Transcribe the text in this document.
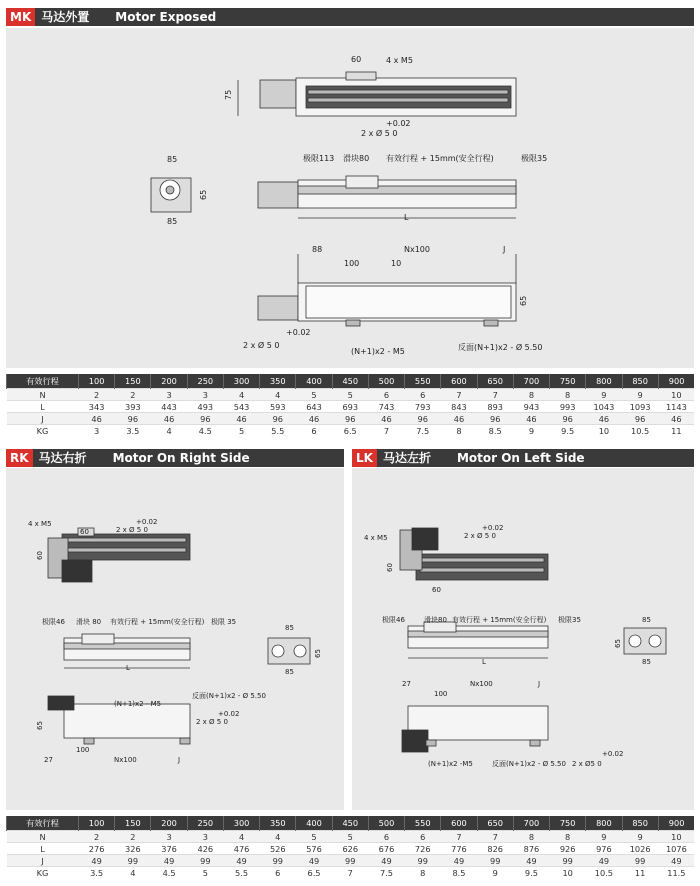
MK 马达外置 Motor Exposed
60	4 x M5
75
+0.02
2 x Ø 5 0
85
65
85
极限113 滑块80 有效行程 + 15mm(安全行程)	极限35
L
88	Nx100	J
100	10
65
+0.02
2 x Ø 5 0
(N+1)x2 - M5	反面(N+1)x2 - Ø 5.50
有效行程	100	150	200	250	300	350	400	450	500	550	600	650	700	750	800	850	900
N	2	2	3	3	4	4	5	5	6	6	7	7	8	8	9	9	10
L	343	393	443	493	543	593	643	693	743	793	843	893	943	993	1043	1093	1143
J	46	96	46	96	46	96	46	96	46	96	46	96	46	96	46	96	46
KG	3	3.5	4	4.5	5	5.5	6	6.5	7	7.5	8	8.5	9	9.5	10	10.5	11
RK 马达右折 Motor On Right Side	LK 马达左折 Motor On Left Side
4 x M5
60
+0.02
2 x Ø 5 0
60
极限46 滑块 80 有效行程 + 15mm(安全行程) 极限 35
L
85
65
85
(N+1)x2 - M5
反面(N+1)x2 - Ø 5.50
+0.02
2 x Ø 5 0
65
100
27	Nx100	J
4 x M5
+0.02
2 x Ø 5 0
60
60
极限46	滑块80 有效行程 + 15mm(安全行程) 极限35
L
85
65
85
27	Nx100	J
100
(N+1)x2 -M5	反面(N+1)x2 - Ø 5.50 2 x Ø5 0
+0.02
有效行程	100	150	200	250	300	350	400	450	500	550	600	650	700	750	800	850	900
N	2	2	3	3	4	4	5	5	6	6	7	7	8	8	9	9	10
L	276	326	376	426	476	526	576	626	676	726	776	826	876	926	976	1026	1076
J	49	99	49	99	49	99	49	99	49	99	49	99	49	99	49	99	49
KG	3.5	4	4.5	5	5.5	6	6.5	7	7.5	8	8.5	9	9.5	10	10.5	11	11.5
